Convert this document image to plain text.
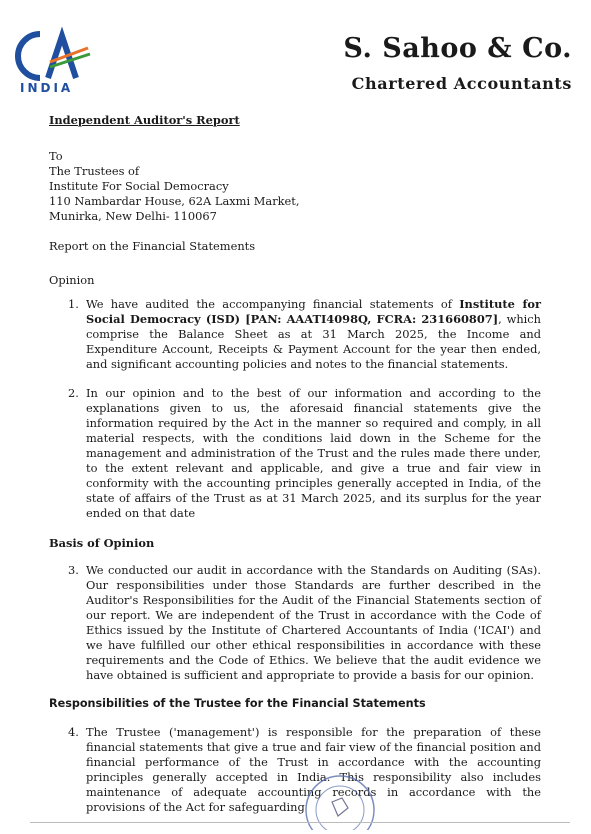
INDIA
S. Sahoo & Co.
Chartered Accountants
Independent Auditor's Report
To
The Trustees of
Institute For Social Democracy
110 Nambardar House, 62A Laxmi Market,
Munirka, New Delhi- 110067
Report on the Financial Statements
Opinion
1. We have audited the accompanying financial statements of Institute for Social Democracy (ISD) [PAN: AAATI4098Q, FCRA: 231660807], which comprise the Balance Sheet as at 31 March 2025, the Income and Expenditure Account, Receipts & Payment Account for the year then ended, and significant accounting policies and notes to the financial statements.
2. In our opinion and to the best of our information and according to the explanations given to us, the aforesaid financial statements give the information required by the Act in the manner so required and comply, in all material respects, with the conditions laid down in the Scheme for the management and administration of the Trust and the rules made there under, to the extent relevant and applicable, and give a true and fair view in conformity with the accounting principles generally accepted in India, of the state of affairs of the Trust as at 31 March 2025, and its surplus for the year ended on that date
Basis of Opinion
3. We conducted our audit in accordance with the Standards on Auditing (SAs). Our responsibilities under those Standards are further described in the Auditor's Responsibilities for the Audit of the Financial Statements section of our report. We are independent of the Trust in accordance with the Code of Ethics issued by the Institute of Chartered Accountants of India ('ICAI') and we have fulfilled our other ethical responsibilities in accordance with these requirements and the Code of Ethics. We believe that the audit evidence we have obtained is sufficient and appropriate to provide a basis for our opinion.
Responsibilities of the Trustee for the Financial Statements
4. The Trustee ('management') is responsible for the preparation of these financial statements that give a true and fair view of the financial position and financial performance of the Trust in accordance with the accounting principles generally accepted in India. This responsibility also includes maintenance of adequate accounting records in accordance with the provisions of the Act for safeguarding
